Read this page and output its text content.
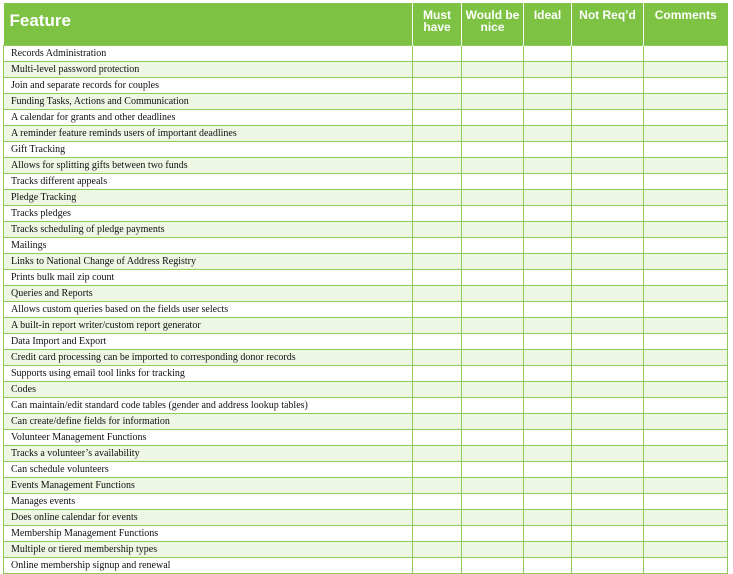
Feature	Must have	Would be nice	Ideal	Not Req’d	Comments
Records Administration					
Multi-level password protection					
Join and separate records for couples					
Funding Tasks, Actions and Communication					
A calendar for grants and other deadlines					
A reminder feature reminds users of important deadlines					
Gift Tracking					
Allows for splitting gifts between two funds					
Tracks different appeals					
Pledge Tracking					
Tracks pledges					
Tracks scheduling of pledge payments					
Mailings					
Links to National Change of Address Registry					
Prints bulk mail zip count					
Queries and Reports					
Allows custom queries based on the fields user selects					
A built-in report writer/custom report generator					
Data Import and Export					
Credit card processing can be imported to corresponding donor records					
Supports using email tool links for tracking					
Codes					
Can maintain/edit standard code tables (gender and address lookup tables)					
Can create/define fields for information					
Volunteer Management Functions					
Tracks a volunteer’s availability					
Can schedule volunteers					
Events Management Functions					
Manages events					
Does online calendar for events					
Membership Management Functions					
Multiple or tiered membership types					
Online membership signup and renewal					
